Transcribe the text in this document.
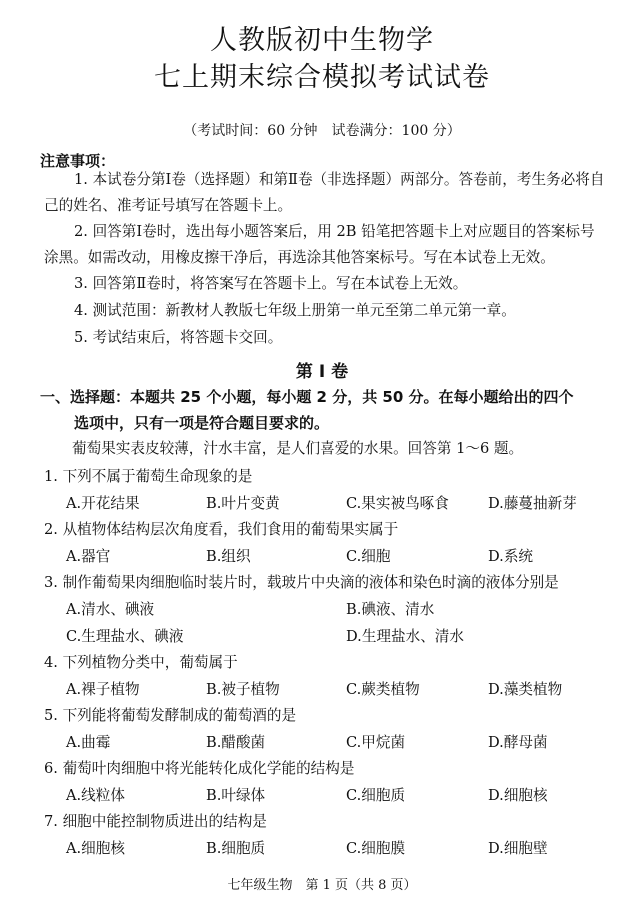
人教版初中生物学
七上期末综合模拟考试试卷
（考试时间：60 分钟　试卷满分：100 分）
注意事项：
1. 本试卷分第Ⅰ卷（选择题）和第Ⅱ卷（非选择题）两部分。答卷前，考生务必将自己的姓名、准考证号填写在答题卡上。
2. 回答第Ⅰ卷时，选出每小题答案后，用 2B 铅笔把答题卡上对应题目的答案标号涂黑。如需改动，用橡皮擦干净后，再选涂其他答案标号。写在本试卷上无效。
3. 回答第Ⅱ卷时，将答案写在答题卡上。写在本试卷上无效。
4. 测试范围：新教材人教版七年级上册第一单元至第二单元第一章。
5. 考试结束后，将答题卡交回。
第 Ⅰ 卷
一、选择题：本题共 25 个小题，每小题 2 分，共 50 分。在每小题给出的四个
选项中，只有一项是符合题目要求的。
葡萄果实表皮较薄，汁水丰富，是人们喜爱的水果。回答第 1～6 题。
1. 下列不属于葡萄生命现象的是
A.开花结果	B.叶片变黄	C.果实被鸟啄食	D.藤蔓抽新芽
2. 从植物体结构层次角度看，我们食用的葡萄果实属于
A.器官	B.组织	C.细胞	D.系统
3. 制作葡萄果肉细胞临时装片时，载玻片中央滴的液体和染色时滴的液体分别是
A.清水、碘液	B.碘液、清水
C.生理盐水、碘液	D.生理盐水、清水
4. 下列植物分类中，葡萄属于
A.裸子植物	B.被子植物	C.蕨类植物	D.藻类植物
5. 下列能将葡萄发酵制成的葡萄酒的是
A.曲霉	B.醋酸菌	C.甲烷菌	D.酵母菌
6. 葡萄叶肉细胞中将光能转化成化学能的结构是
A.线粒体	B.叶绿体	C.细胞质	D.细胞核
7. 细胞中能控制物质进出的结构是
A.细胞核	B.细胞质	C.细胞膜	D.细胞壁
七年级生物　第 1 页（共 8 页）
